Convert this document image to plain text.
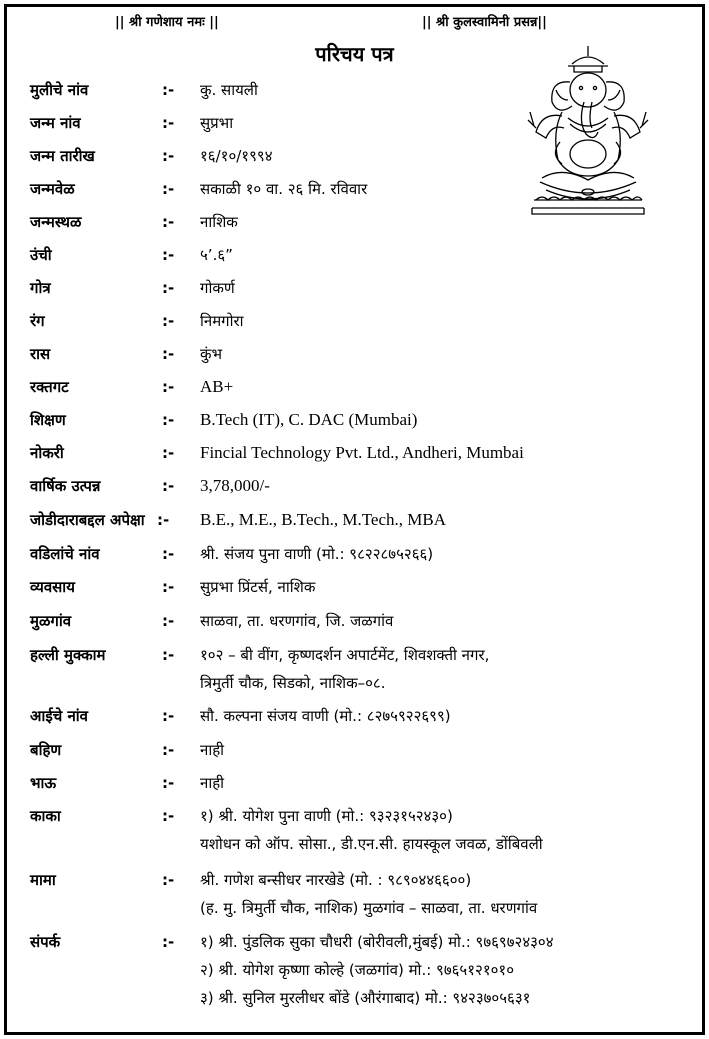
|| श्री गणेशाय नमः ||	|| श्री कुलस्वामिनी प्रसन्न||
परिचय पत्र
मुलीचे नांव	:- कु. सायली
जन्म नांव	:- सुप्रभा
जन्म तारीख	:- १६/१०/१९९४
जन्मवेळ	:- सकाळी १० वा. २६ मि. रविवार
जन्मस्थळ	:- नाशिक
उंची	:- ५’.६”
गोत्र	:- गोकर्ण
रंग	:- निमगोरा
रास	:- कुंभ
रक्तगट	:- AB+
शिक्षण	:- B.Tech (IT), C. DAC (Mumbai)
नोकरी	:- Fincial Technology Pvt. Ltd., Andheri, Mumbai
वार्षिक उत्पन्न	:- 3,78,000/-
जोडीदाराबद्दल अपेक्षा :- B.E., M.E., B.Tech., M.Tech., MBA
वडिलांचे नांव	:- श्री. संजय पुना वाणी (मो.: ९८२२८७५२६६)
व्यवसाय	:- सुप्रभा प्रिंटर्स, नाशिक
मुळगांव	:- साळवा, ता. धरणगांव, जि. जळगांव
हल्ली मुक्काम	:- १०२ – बी वींग, कृष्णदर्शन अपार्टमेंट, शिवशक्ती नगर,
त्रिमुर्ती चौक, सिडको, नाशिक–०८.
आईचे नांव	:- सौ. कल्पना संजय वाणी (मो.: ८२७५९२२६९९)
बहिण	:- नाही
भाऊ	:- नाही
काका	:- १) श्री. योगेश पुना वाणी (मो.: ९३२३१५२४३०)
यशोधन को ऑप. सोसा., डी.एन.सी. हायस्कूल जवळ, डोंबिवली
मामा	:- श्री. गणेश बन्सीधर नारखेडे (मो. : ९८९०४४६६००)
(ह. मु. त्रिमुर्ती चौक, नाशिक) मुळगांव – साळवा, ता. धरणगांव
संपर्क	:- १) श्री. पुंडलिक सुका चौधरी (बोरीवली,मुंबई) मो.: ९७६९७२४३०४
२) श्री. योगेश कृष्णा कोल्हे (जळगांव) मो.: ९७६५१२१०१०
३) श्री. सुनिल मुरलीधर बोंडे (औरंगाबाद) मो.: ९४२३७०५६३१
